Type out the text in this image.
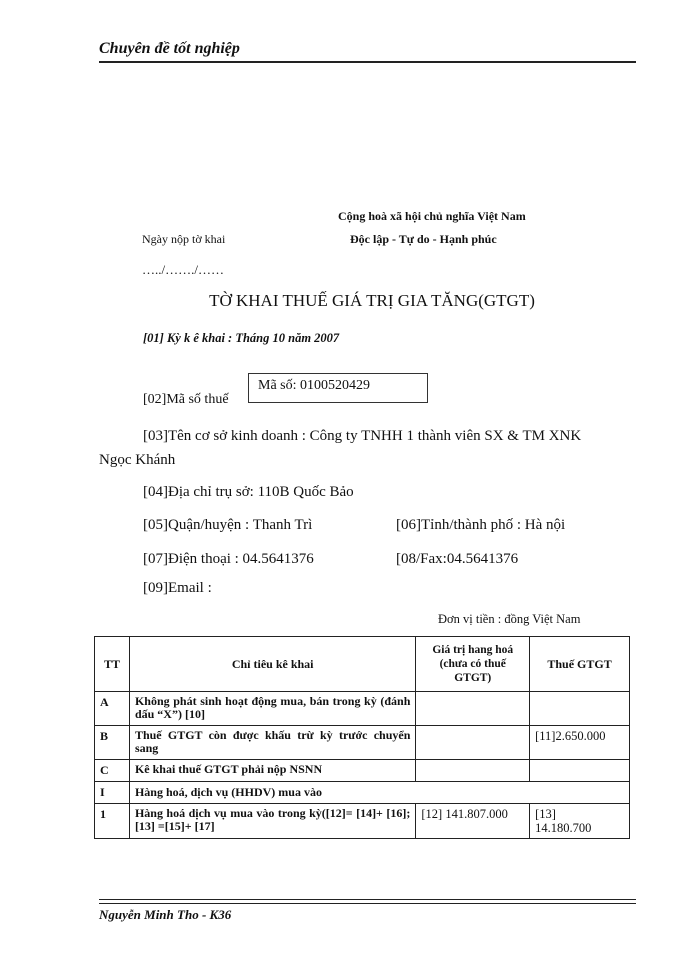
Chuyên đề tốt nghiệp
Cộng hoà xã hội chủ nghĩa Việt Nam
Ngày nộp tờ khai	Độc lập - Tự do - Hạnh phúc
…../……./……
TỜ KHAI THUẾ GIÁ TRỊ GIA TĂNG(GTGT)
[01] Kỳ k ê khai : Tháng 10 năm 2007
[02]Mã số thuế
Mã số: 0100520429
[03]Tên cơ sở kinh doanh : Công ty TNHH 1 thành viên SX & TM XNK
Ngọc Khánh
[04]Địa chỉ trụ sở: 110B Quốc Bảo
[05]Quận/huyện : Thanh Trì	[06]Tỉnh/thành phố : Hà nội
[07]Điện thoại : 04.5641376	[08/Fax:04.5641376
[09]Email :
Đơn vị tiền : đồng Việt Nam
TT	Chỉ tiêu kê khai	Giá trị hang hoá (chưa có thuế GTGT)	Thuế GTGT
A	Không phát sinh hoạt động mua, bán trong kỳ (đánh dấu “X”) [10]		
B	Thuế GTGT còn được khấu trừ kỳ trước chuyển sang		[11]2.650.000
C	Kê khai thuế GTGT phải nộp NSNN		
I	Hàng hoá, dịch vụ (HHDV) mua vào		
1	Hàng hoá dịch vụ mua vào trong kỳ([12]= [14]+ [16]; [13] =[15]+ [17]	[12] 141.807.000	[13]
14.180.700
Nguyễn Minh Tho - K36
